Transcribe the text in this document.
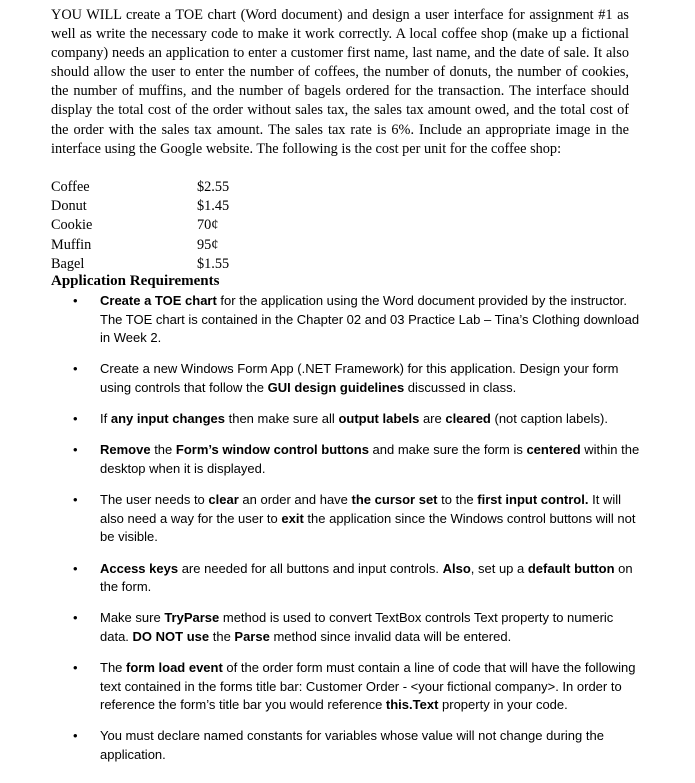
YOU WILL create a TOE chart (Word document) and design a user interface for assignment #1 as well as write the necessary code to make it work correctly. A local coffee shop (make up a fictional company) needs an application to enter a customer first name, last name, and the date of sale. It also should allow the user to enter the number of coffees, the number of donuts, the number of cookies, the number of muffins, and the number of bagels ordered for the transaction. The interface should display the total cost of the order without sales tax, the sales tax amount owed, and the total cost of the order with the sales tax amount. The sales tax rate is 6%. Include an appropriate image in the interface using the Google website. The following is the cost per unit for the coffee shop:

Coffee	$2.55
Donut	$1.45
Cookie	70¢
Muffin	95¢
Bagel	$1.55
Application Requirements
•	Create a TOE chart for the application using the Word document provided by the instructor. The TOE chart is contained in the Chapter 02 and 03 Practice Lab – Tina’s Clothing download in Week 2.
•	Create a new Windows Form App (.NET Framework) for this application. Design your form using controls that follow the GUI design guidelines discussed in class.
•	If any input changes then make sure all output labels are cleared (not caption labels).
•	Remove the Form’s window control buttons and make sure the form is centered within the desktop when it is displayed.
•	The user needs to clear an order and have the cursor set to the first input control. It will also need a way for the user to exit the application since the Windows control buttons will not be visible.
•	Access keys are needed for all buttons and input controls. Also, set up a default button on the form.
•	Make sure TryParse method is used to convert TextBox controls Text property to numeric data. DO NOT use the Parse method since invalid data will be entered.
•	The form load event of the order form must contain a line of code that will have the following text contained in the forms title bar: Customer Order - <your fictional company>. In order to reference the form’s title bar you would reference this.Text property in your code.
•	You must declare named constants for variables whose value will not change during the application.
